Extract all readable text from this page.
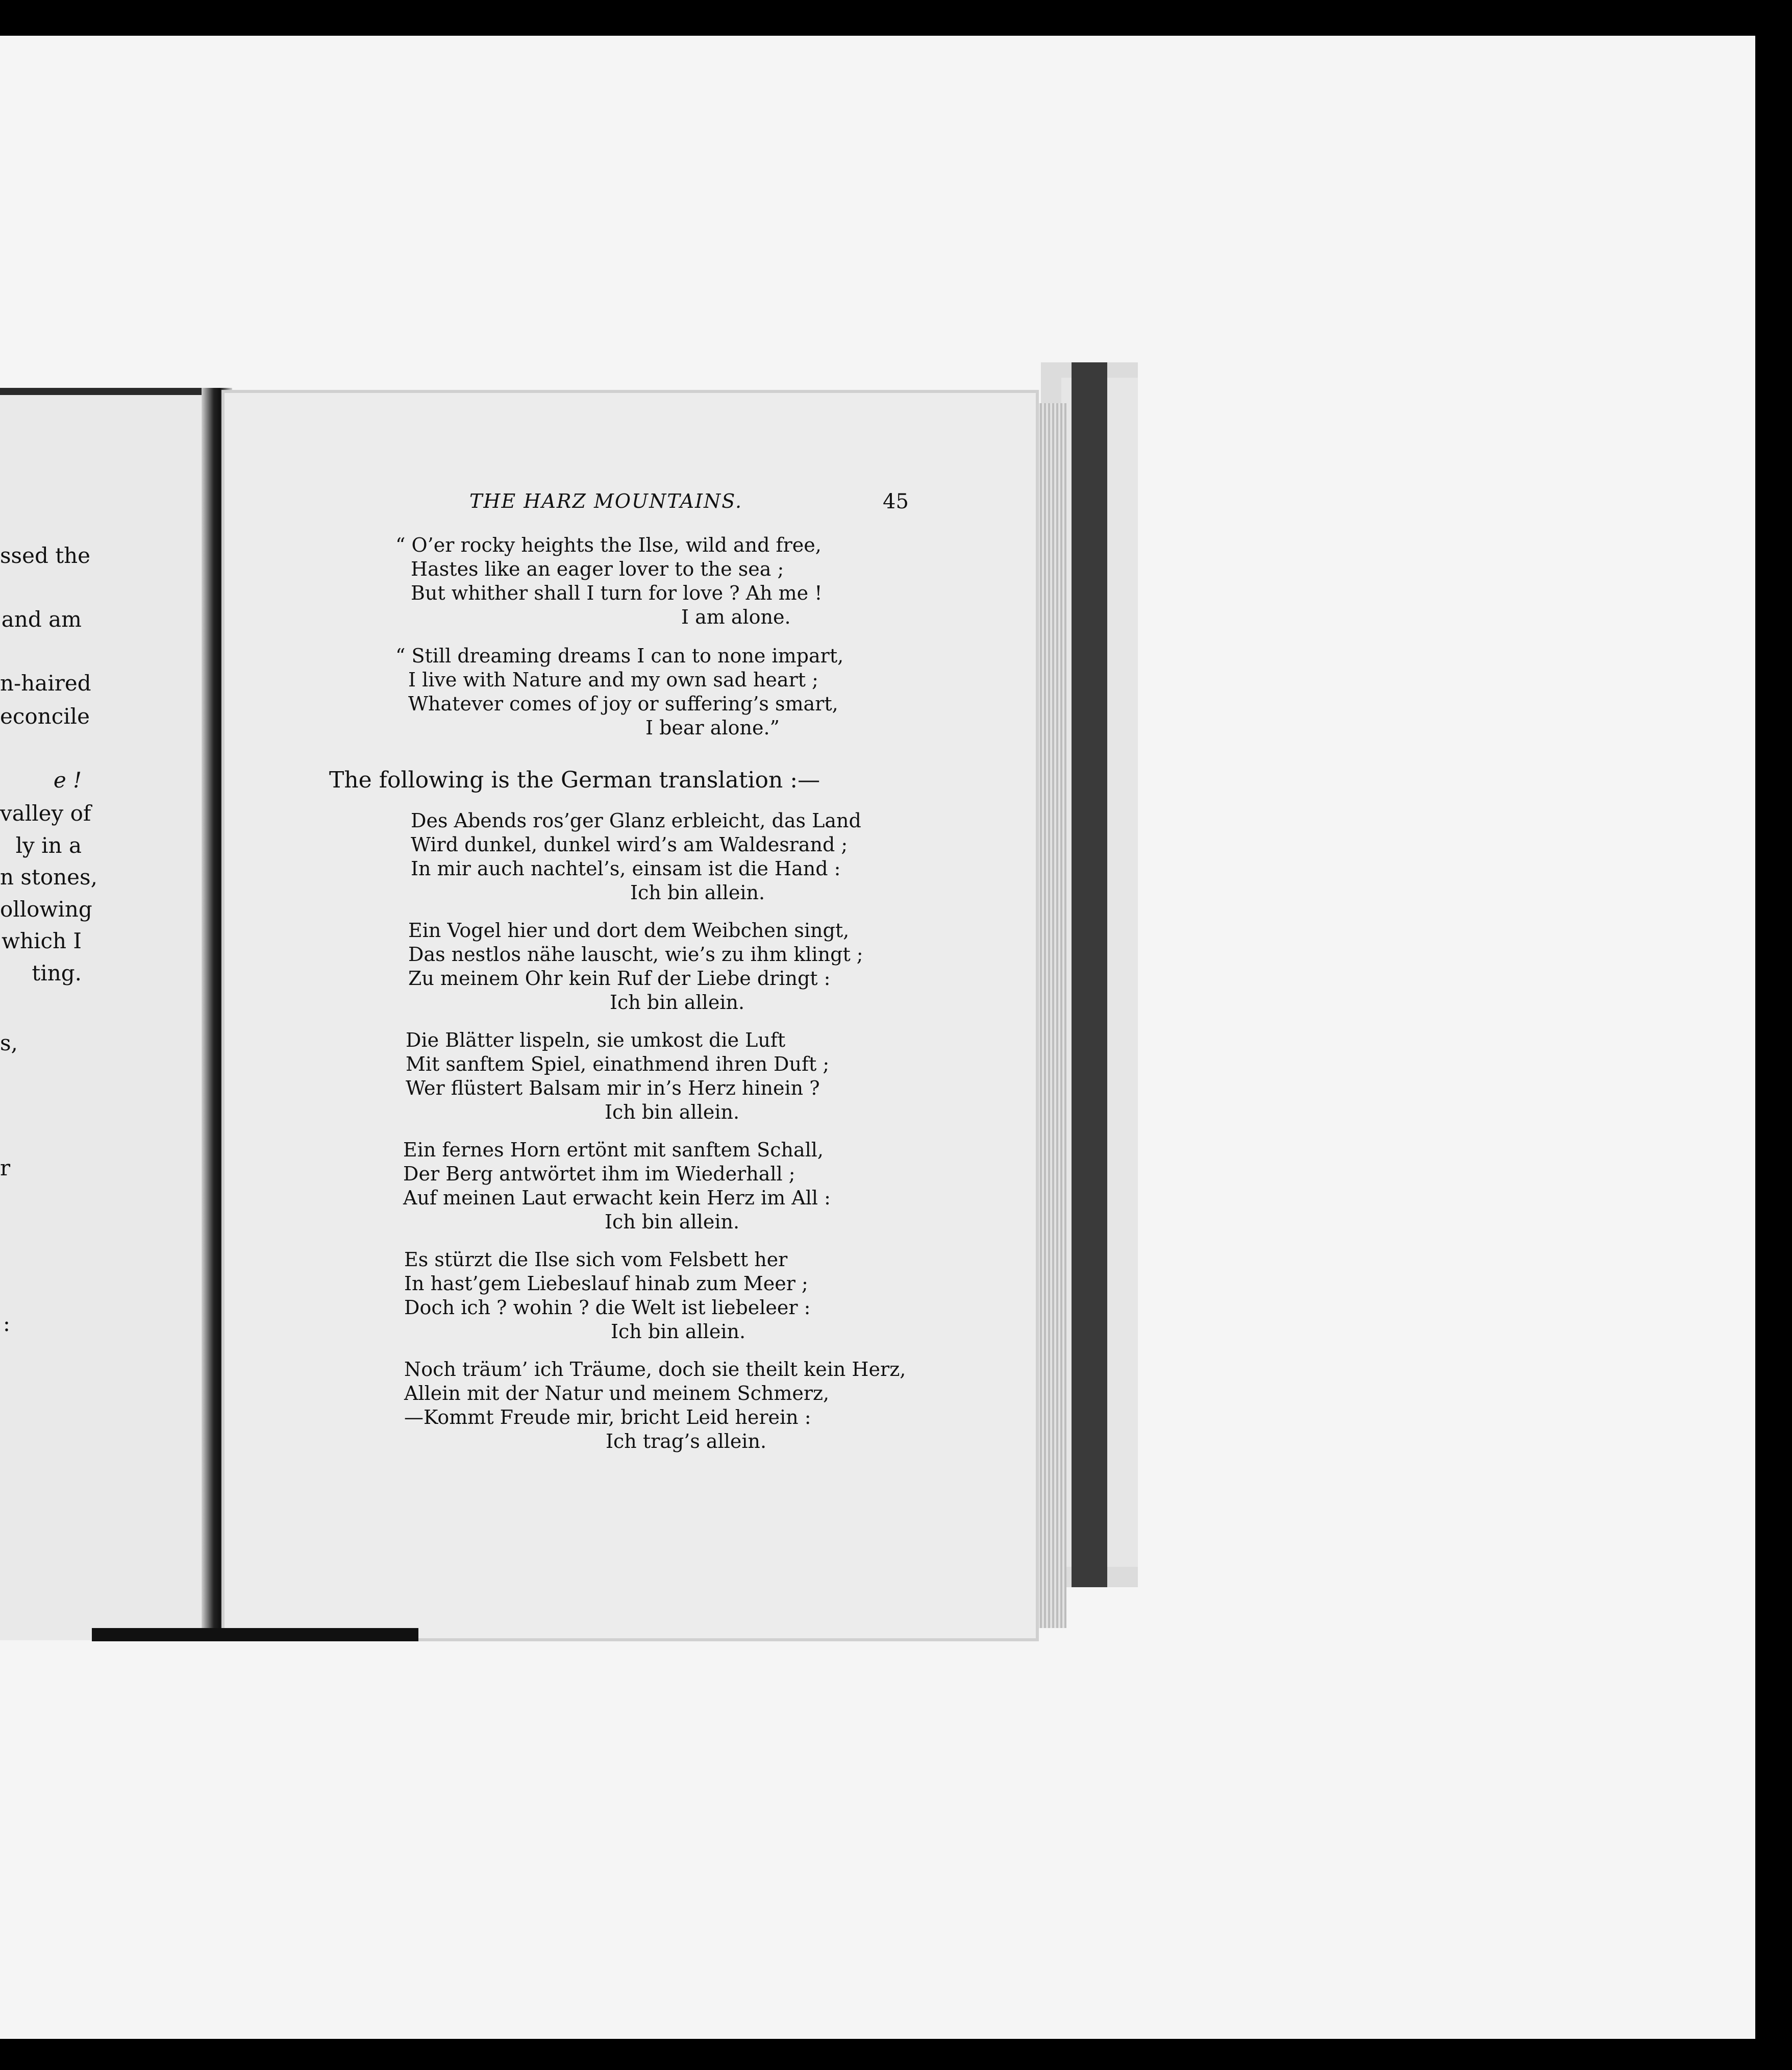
ssed the
and am
n-haired
econcile
e !
valley of
ly in a
n stones,
ollowing
which I
ting.
s,
r
:
THE HARZ MOUNTAINS.	45
“ O’er rocky heights the Ilse, wild and free,
Hastes like an eager lover to the sea ;
But whither shall I turn for love ? Ah me !
I am alone.
“ Still dreaming dreams I can to none impart,
I live with Nature and my own sad heart ;
Whatever comes of joy or suffering’s smart,
I bear alone.”
The following is the German translation :—
Des Abends ros’ger Glanz erbleicht, das Land
Wird dunkel, dunkel wird’s am Waldesrand ;
In mir auch nachtel’s, einsam ist die Hand :
Ich bin allein.
Ein Vogel hier und dort dem Weibchen singt,
Das nestlos nähe lauscht, wie’s zu ihm klingt ;
Zu meinem Ohr kein Ruf der Liebe dringt :
Ich bin allein.
Die Blätter lispeln, sie umkost die Luft
Mit sanftem Spiel, einathmend ihren Duft ;
Wer flüstert Balsam mir in’s Herz hinein ?
Ich bin allein.
Ein fernes Horn ertönt mit sanftem Schall,
Der Berg antwörtet ihm im Wiederhall ;
Auf meinen Laut erwacht kein Herz im All :
Ich bin allein.
Es stürzt die Ilse sich vom Felsbett her
In hast’gem Liebeslauf hinab zum Meer ;
Doch ich ? wohin ? die Welt ist liebeleer :
Ich bin allein.
Noch träum’ ich Träume, doch sie theilt kein Herz,
Allein mit der Natur und meinem Schmerz,
—Kommt Freude mir, bricht Leid herein :
Ich trag’s allein.
